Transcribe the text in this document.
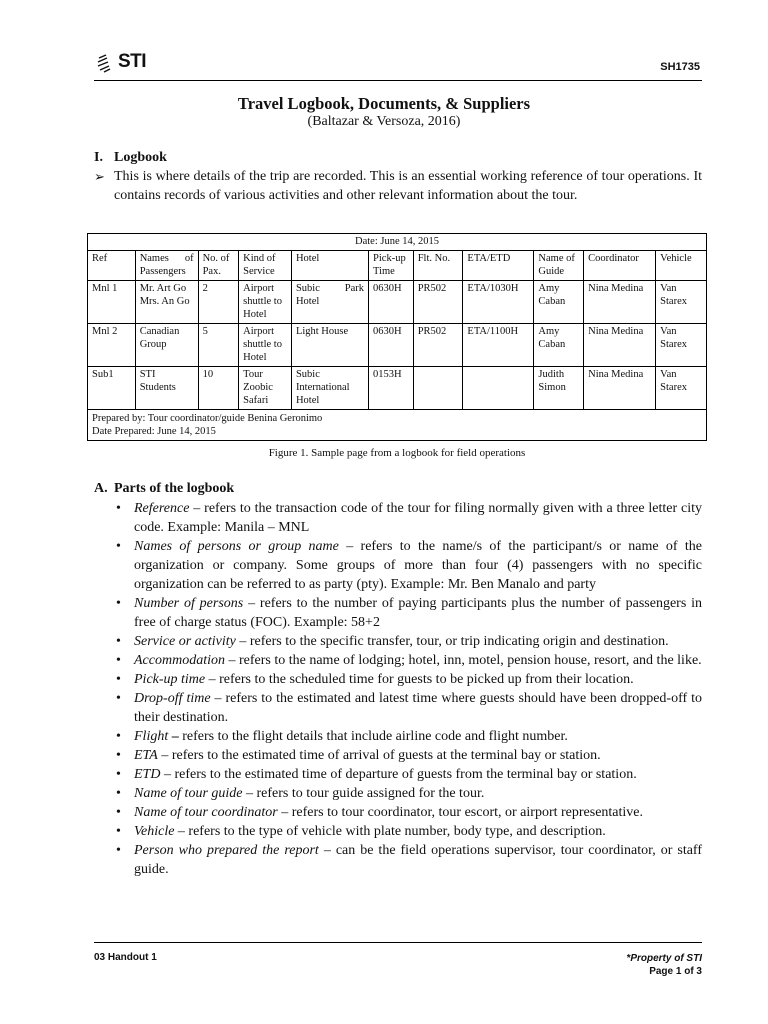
STI	SH1735
Travel Logbook, Documents, & Suppliers
(Baltazar & Versoza, 2016)
I. Logbook
➢ This is where details of the trip are recorded. This is an essential working reference of tour operations. It contains records of various activities and other relevant information about the tour.
Date: June 14, 2015										
Ref	Names of Passengers	No. of Pax.	Kind of Service	Hotel	Pick-up Time	Flt. No.	ETA/ETD	Name of Guide	Coordinator	Vehicle
Mnl 1	Mr. Art Go Mrs. An Go	2	Airport shuttle to Hotel	Subic Park Hotel	0630H	PR502	ETA/1030H	Amy Caban	Nina Medina	Van Starex
Mnl 2	Canadian Group	5	Airport shuttle to Hotel	Light House	0630H	PR502	ETA/1100H	Amy Caban	Nina Medina	Van Starex
Sub1	STI Students	10	Tour Zoobic Safari	Subic International Hotel	0153H			Judith Simon	Nina Medina	Van Starex

Prepared by: Tour coordinator/guide Benina Geronimo
Date Prepared: June 14, 2015										
Figure 1. Sample page from a logbook for field operations
A. Parts of the logbook
• Reference – refers to the transaction code of the tour for filing normally given with a three letter city code. Example: Manila – MNL
• Names of persons or group name – refers to the name/s of the participant/s or name of the organization or company. Some groups of more than four (4) passengers with no specific organization can be referred to as party (pty). Example: Mr. Ben Manalo and party
• Number of persons – refers to the number of paying participants plus the number of passengers in free of charge status (FOC). Example: 58+2
• Service or activity – refers to the specific transfer, tour, or trip indicating origin and destination.
• Accommodation – refers to the name of lodging; hotel, inn, motel, pension house, resort, and the like.
• Pick-up time – refers to the scheduled time for guests to be picked up from their location.
• Drop-off time – refers to the estimated and latest time where guests should have been dropped-off to their destination.
• Flight – refers to the flight details that include airline code and flight number.
• ETA – refers to the estimated time of arrival of guests at the terminal bay or station.
• ETD – refers to the estimated time of departure of guests from the terminal bay or station.
• Name of tour guide – refers to tour guide assigned for the tour.
• Name of tour coordinator – refers to tour coordinator, tour escort, or airport representative.
• Vehicle – refers to the type of vehicle with plate number, body type, and description.
• Person who prepared the report – can be the field operations supervisor, tour coordinator, or staff guide.
03 Handout 1	*Property of STI
Page 1 of 3
